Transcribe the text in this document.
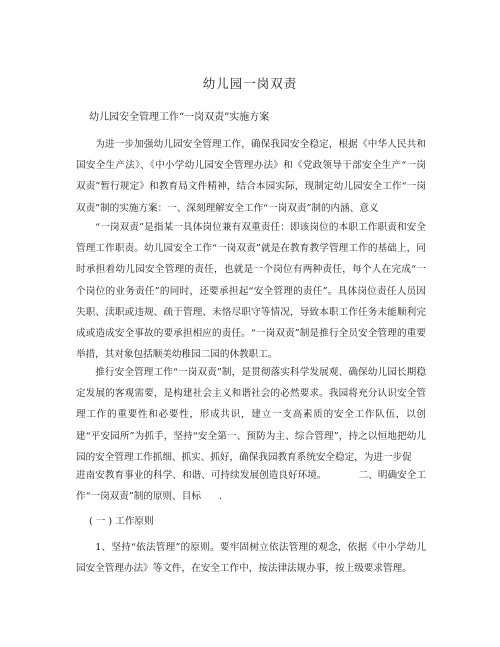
幼儿园一岗双责
幼儿园安全管理工作“一岗双责”实施方案

为进一步加强幼儿园安全管理工作，确保我园安全稳定，根据《中华人民共和国安全生产法》、《中小学幼儿园安全管理办法》和《党政领导干部安全生产“一岗双责”暂行规定》和教育局文件精神，结合本园实际，现制定幼儿园安全工作“一岗双责”制的实施方案：一、深刻理解安全工作“一岗双责”制的内涵、意义

“一岗双责”是指某一具体岗位兼有双重责任：即该岗位的本职工作职责和安全管理工作职责。幼儿园安全工作“一岗双责”就是在教育教学管理工作的基础上，同时承担着幼儿园安全管理的责任，也就是一个岗位有两种责任，每个人在完成“一个岗位的业务责任”的同时，还要承担起“安全管理的责任”。具体岗位责任人员因失职、渎职或违规、疏于管理、未恪尽职守等情况，导致本职工作任务未能顺利完成或造成安全事故的要承担相应的责任。“一岗双责”制是推行全员安全管理的重要举措，其对象包括顺美幼稚园二园的休教职工。

推行安全管理工作“一岗双责”制，是贯彻落实科学发展观、确保幼儿园长期稳定发展的客观需要，是构建社会主义和谐社会的必然要求。我园将充分认识安全管理工作的重要性和必要性，形成共识，建立一支高素质的安全工作队伍，以创建“平安园所”为抓手，坚持“安全第一、预防为主、综合管理”，持之以恒地把幼儿园的安全管理工作抓细、抓实、抓好，确保我园教育系统安全稳定，为进一步促

进南安教育事业的科学、和谐、可持续发展创造良好环境。	二、明确安全工作“一岗双责”制的原则、目标 .

( 一 ) 工作原则

1、坚持“依法管理”的原则。要牢固树立依法管理的观念，依据《中小学幼儿园安全管理办法》等文件，在安全工作中，按法律法规办事，按上级要求管理。
